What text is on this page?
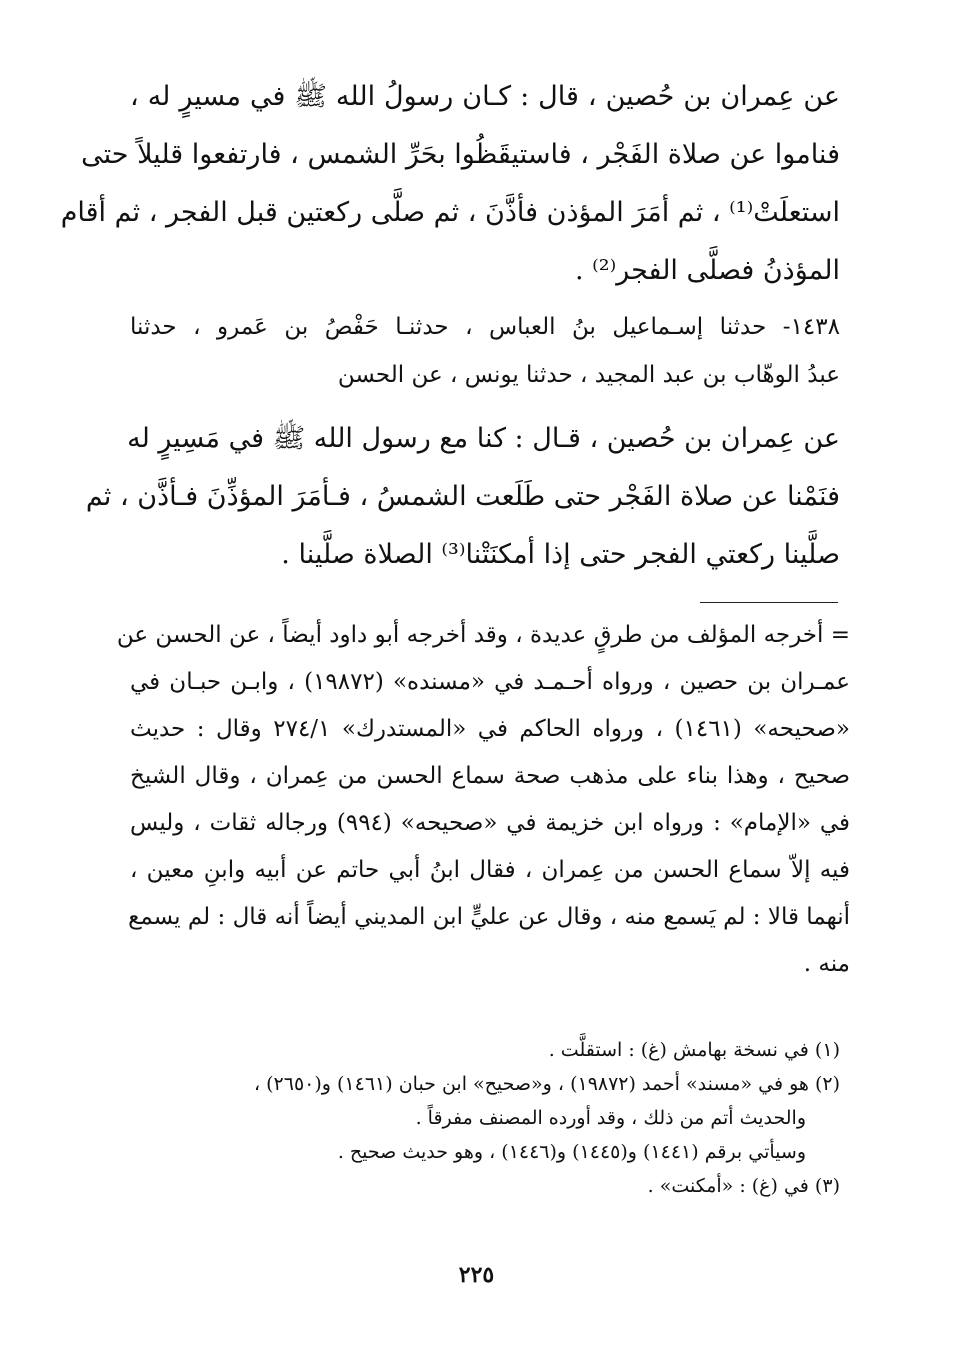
عن عِمران بن حُصين ، قال : كـان رسولُ الله ﷺ في مسيرٍ له ،
فناموا عن صلاة الفَجْر ، فاستيقَظُوا بحَرِّ الشمس ، فارتفعوا قليلاً حتى
استعلَتْ⁽¹⁾ ، ثم أمَرَ المؤذن فأذَّنَ ، ثم صلَّى ركعتين قبل الفجر ، ثم أقام
المؤذنُ فصلَّى الفجر⁽²⁾ .
١٤٣٨- حدثنا إسـماعيل بنُ العباس ، حدثنـا حَفْصُ بن عَمرو ، حدثنا
عبدُ الوهّاب بن عبد المجيد ، حدثنا يونس ، عن الحسن
عن عِمران بن حُصين ، قـال : كنا مع رسول الله ﷺ في مَسِيرٍ له
فنَمْنا عن صلاة الفَجْر حتى طَلَعت الشمسُ ، فـأمَرَ المؤذِّنَ فـأذَّن ، ثم
صلَّينا ركعتي الفجر حتى إذا أمكنَتْنا⁽³⁾ الصلاة صلَّينا .
= أخرجه المؤلف من طرقٍ عديدة ، وقد أخرجه أبو داود أيضاً ، عن الحسن عن
عمـران بن حصين ، ورواه أحـمـد في «مسنده» (١٩٨٧٢) ، وابـن حبـان في
«صحيحه» (١٤٦١) ، ورواه الحاكم في «المستدرك» ٢٧٤/١ وقال : حديث
صحيح ، وهذا بناء على مذهب صحة سماع الحسن من عِمران ، وقال الشيخ
في «الإمام» : ورواه ابن خزيمة في «صحيحه» (٩٩٤) ورجاله ثقات ، وليس
فيه إلاّ سماع الحسن من عِمران ، فقال ابنُ أبي حاتم عن أبيه وابنِ معين ،
أنهما قالا : لم يَسمع منه ، وقال عن عليٍّ ابن المديني أيضاً أنه قال : لم يسمع
منه .
(١) في نسخة بهامش (غ) : استقلَّت .
(٢) هو في «مسند» أحمد (١٩٨٧٢) ، و«صحيح» ابن حبان (١٤٦١) و(٢٦٥٠) ،
والحديث أتم من ذلك ، وقد أورده المصنف مفرقاً .
وسيأتي برقم (١٤٤١) و(١٤٤٥) و(١٤٤٦) ، وهو حديث صحيح .
(٣) في (غ) : «أمكنت» .
٢٢٥
